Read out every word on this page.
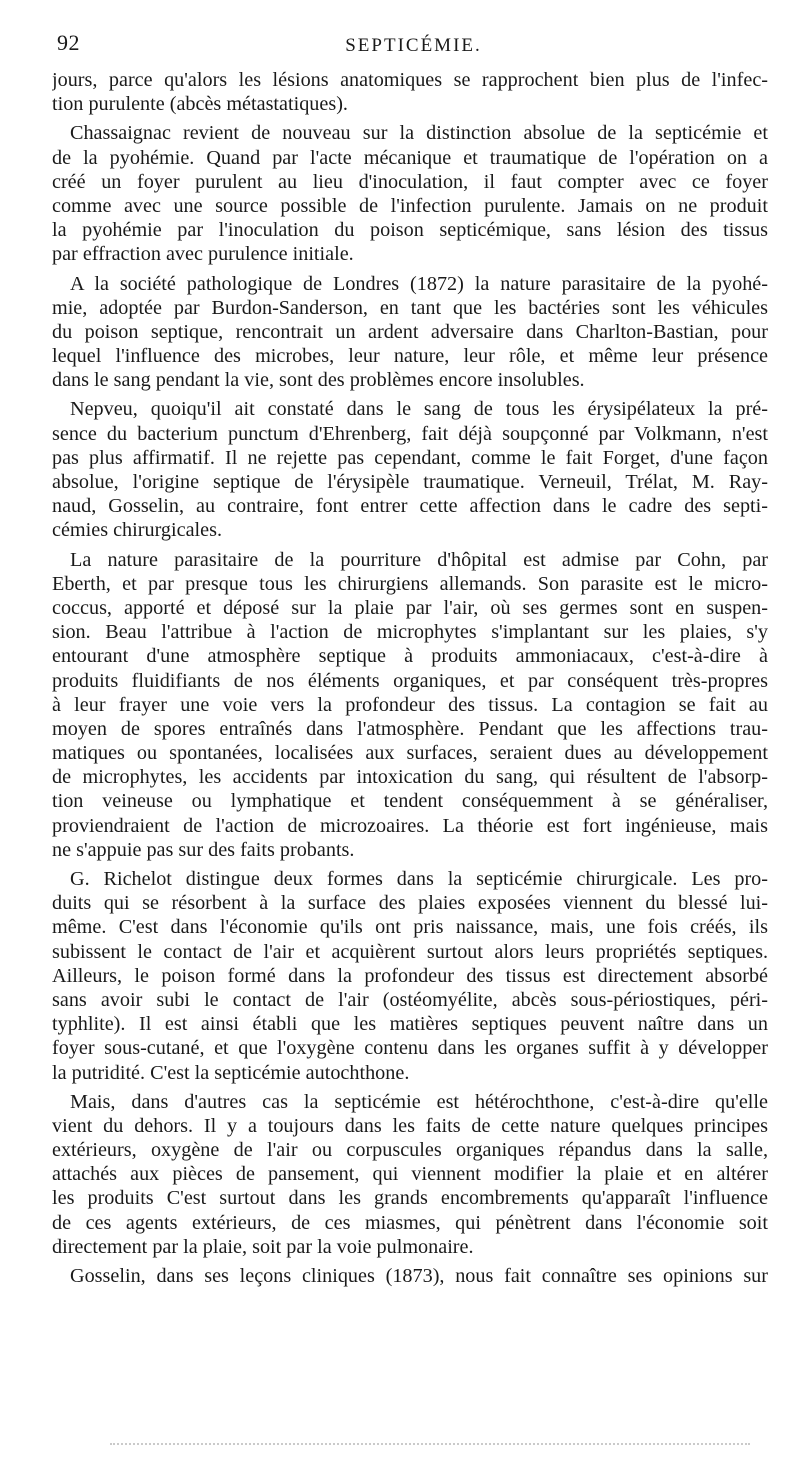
92	SEPTICÉMIE.
jours, parce qu'alors les lésions anatomiques se rapprochent bien plus de l'infec-
tion purulente (abcès métastatiques).
Chassaignac revient de nouveau sur la distinction absolue de la septicémie et
de la pyohémie. Quand par l'acte mécanique et traumatique de l'opération on a
créé un foyer purulent au lieu d'inoculation, il faut compter avec ce foyer
comme avec une source possible de l'infection purulente. Jamais on ne produit
la pyohémie par l'inoculation du poison septicémique, sans lésion des tissus
par effraction avec purulence initiale.
A la société pathologique de Londres (1872) la nature parasitaire de la pyohé-
mie, adoptée par Burdon-Sanderson, en tant que les bactéries sont les véhicules
du poison septique, rencontrait un ardent adversaire dans Charlton-Bastian, pour
lequel l'influence des microbes, leur nature, leur rôle, et même leur présence
dans le sang pendant la vie, sont des problèmes encore insolubles.
Nepveu, quoiqu'il ait constaté dans le sang de tous les érysipélateux la pré-
sence du bacterium punctum d'Ehrenberg, fait déjà soupçonné par Volkmann, n'est
pas plus affirmatif. Il ne rejette pas cependant, comme le fait Forget, d'une façon
absolue, l'origine septique de l'érysipèle traumatique. Verneuil, Trélat, M. Ray-
naud, Gosselin, au contraire, font entrer cette affection dans le cadre des septi-
cémies chirurgicales.
La nature parasitaire de la pourriture d'hôpital est admise par Cohn, par
Eberth, et par presque tous les chirurgiens allemands. Son parasite est le micro-
coccus, apporté et déposé sur la plaie par l'air, où ses germes sont en suspen-
sion. Beau l'attribue à l'action de microphytes s'implantant sur les plaies, s'y
entourant d'une atmosphère septique à produits ammoniacaux, c'est-à-dire à
produits fluidifiants de nos éléments organiques, et par conséquent très-propres
à leur frayer une voie vers la profondeur des tissus. La contagion se fait au
moyen de spores entraînés dans l'atmosphère. Pendant que les affections trau-
matiques ou spontanées, localisées aux surfaces, seraient dues au développement
de microphytes, les accidents par intoxication du sang, qui résultent de l'absorp-
tion veineuse ou lymphatique et tendent conséquemment à se généraliser,
proviendraient de l'action de microzoaires. La théorie est fort ingénieuse, mais
ne s'appuie pas sur des faits probants.
G. Richelot distingue deux formes dans la septicémie chirurgicale. Les pro-
duits qui se résorbent à la surface des plaies exposées viennent du blessé lui-
même. C'est dans l'économie qu'ils ont pris naissance, mais, une fois créés, ils
subissent le contact de l'air et acquièrent surtout alors leurs propriétés septiques.
Ailleurs, le poison formé dans la profondeur des tissus est directement absorbé
sans avoir subi le contact de l'air (ostéomyélite, abcès sous-périostiques, péri-
typhlite). Il est ainsi établi que les matières septiques peuvent naître dans un
foyer sous-cutané, et que l'oxygène contenu dans les organes suffit à y développer
la putridité. C'est la septicémie autochthone.
Mais, dans d'autres cas la septicémie est hétérochthone, c'est-à-dire qu'elle
vient du dehors. Il y a toujours dans les faits de cette nature quelques principes
extérieurs, oxygène de l'air ou corpuscules organiques répandus dans la salle,
attachés aux pièces de pansement, qui viennent modifier la plaie et en altérer
les produits C'est surtout dans les grands encombrements qu'apparaît l'influence
de ces agents extérieurs, de ces miasmes, qui pénètrent dans l'économie soit
directement par la plaie, soit par la voie pulmonaire.
Gosselin, dans ses leçons cliniques (1873), nous fait connaître ses opinions sur
